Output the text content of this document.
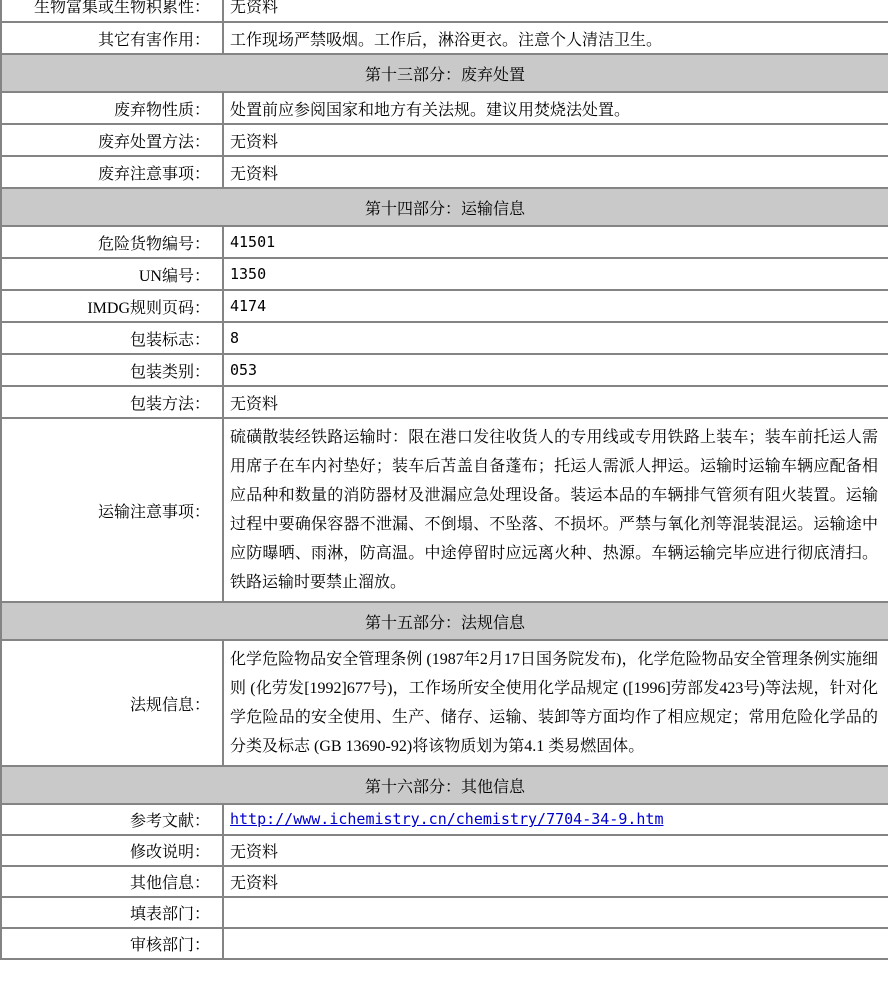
生物富集或生物积累性：	无资料

其它有害作用：	工作现场严禁吸烟。工作后，淋浴更衣。注意个人清洁卫生。
第十三部分：废弃处置	
废弃物性质：	处置前应参阅国家和地方有关法规。建议用焚烧法处置。
废弃处置方法：	无资料
废弃注意事项：	无资料
第十四部分：运输信息	
危险货物编号：	41501
UN编号：	1350
IMDG规则页码：	4174
包装标志：	8
包装类别：	053
包装方法：	无资料
运输注意事项：	硫磺散装经铁路运输时：限在港口发往收货人的专用线或专用铁路上装车；装车前托运人需用席子在车内衬垫好；装车后苫盖自备蓬布；托运人需派人押运。运输时运输车辆应配备相应品种和数量的消防器材及泄漏应急处理设备。装运本品的车辆排气管须有阻火装置。运输过程中要确保容器不泄漏、不倒塌、不坠落、不损坏。严禁与氧化剂等混装混运。运输途中应防曝晒、雨淋，防高温。中途停留时应远离火种、热源。车辆运输完毕应进行彻底清扫。铁路运输时要禁止溜放。
第十五部分：法规信息	
法规信息：	化学危险物品安全管理条例 (1987年2月17日国务院发布)，化学危险物品安全管理条例实施细则 (化劳发[1992]677号)，工作场所安全使用化学品规定 ([1996]劳部发423号)等法规，针对化学危险品的安全使用、生产、储存、运输、装卸等方面均作了相应规定；常用危险化学品的分类及标志 (GB 13690-92)将该物质划为第4.1 类易燃固体。
第十六部分：其他信息	
参考文献：	http://www.ichemistry.cn/chemistry/7704-34-9.htm
修改说明：	无资料
其他信息：	无资料
填表部门：	
审核部门：	
